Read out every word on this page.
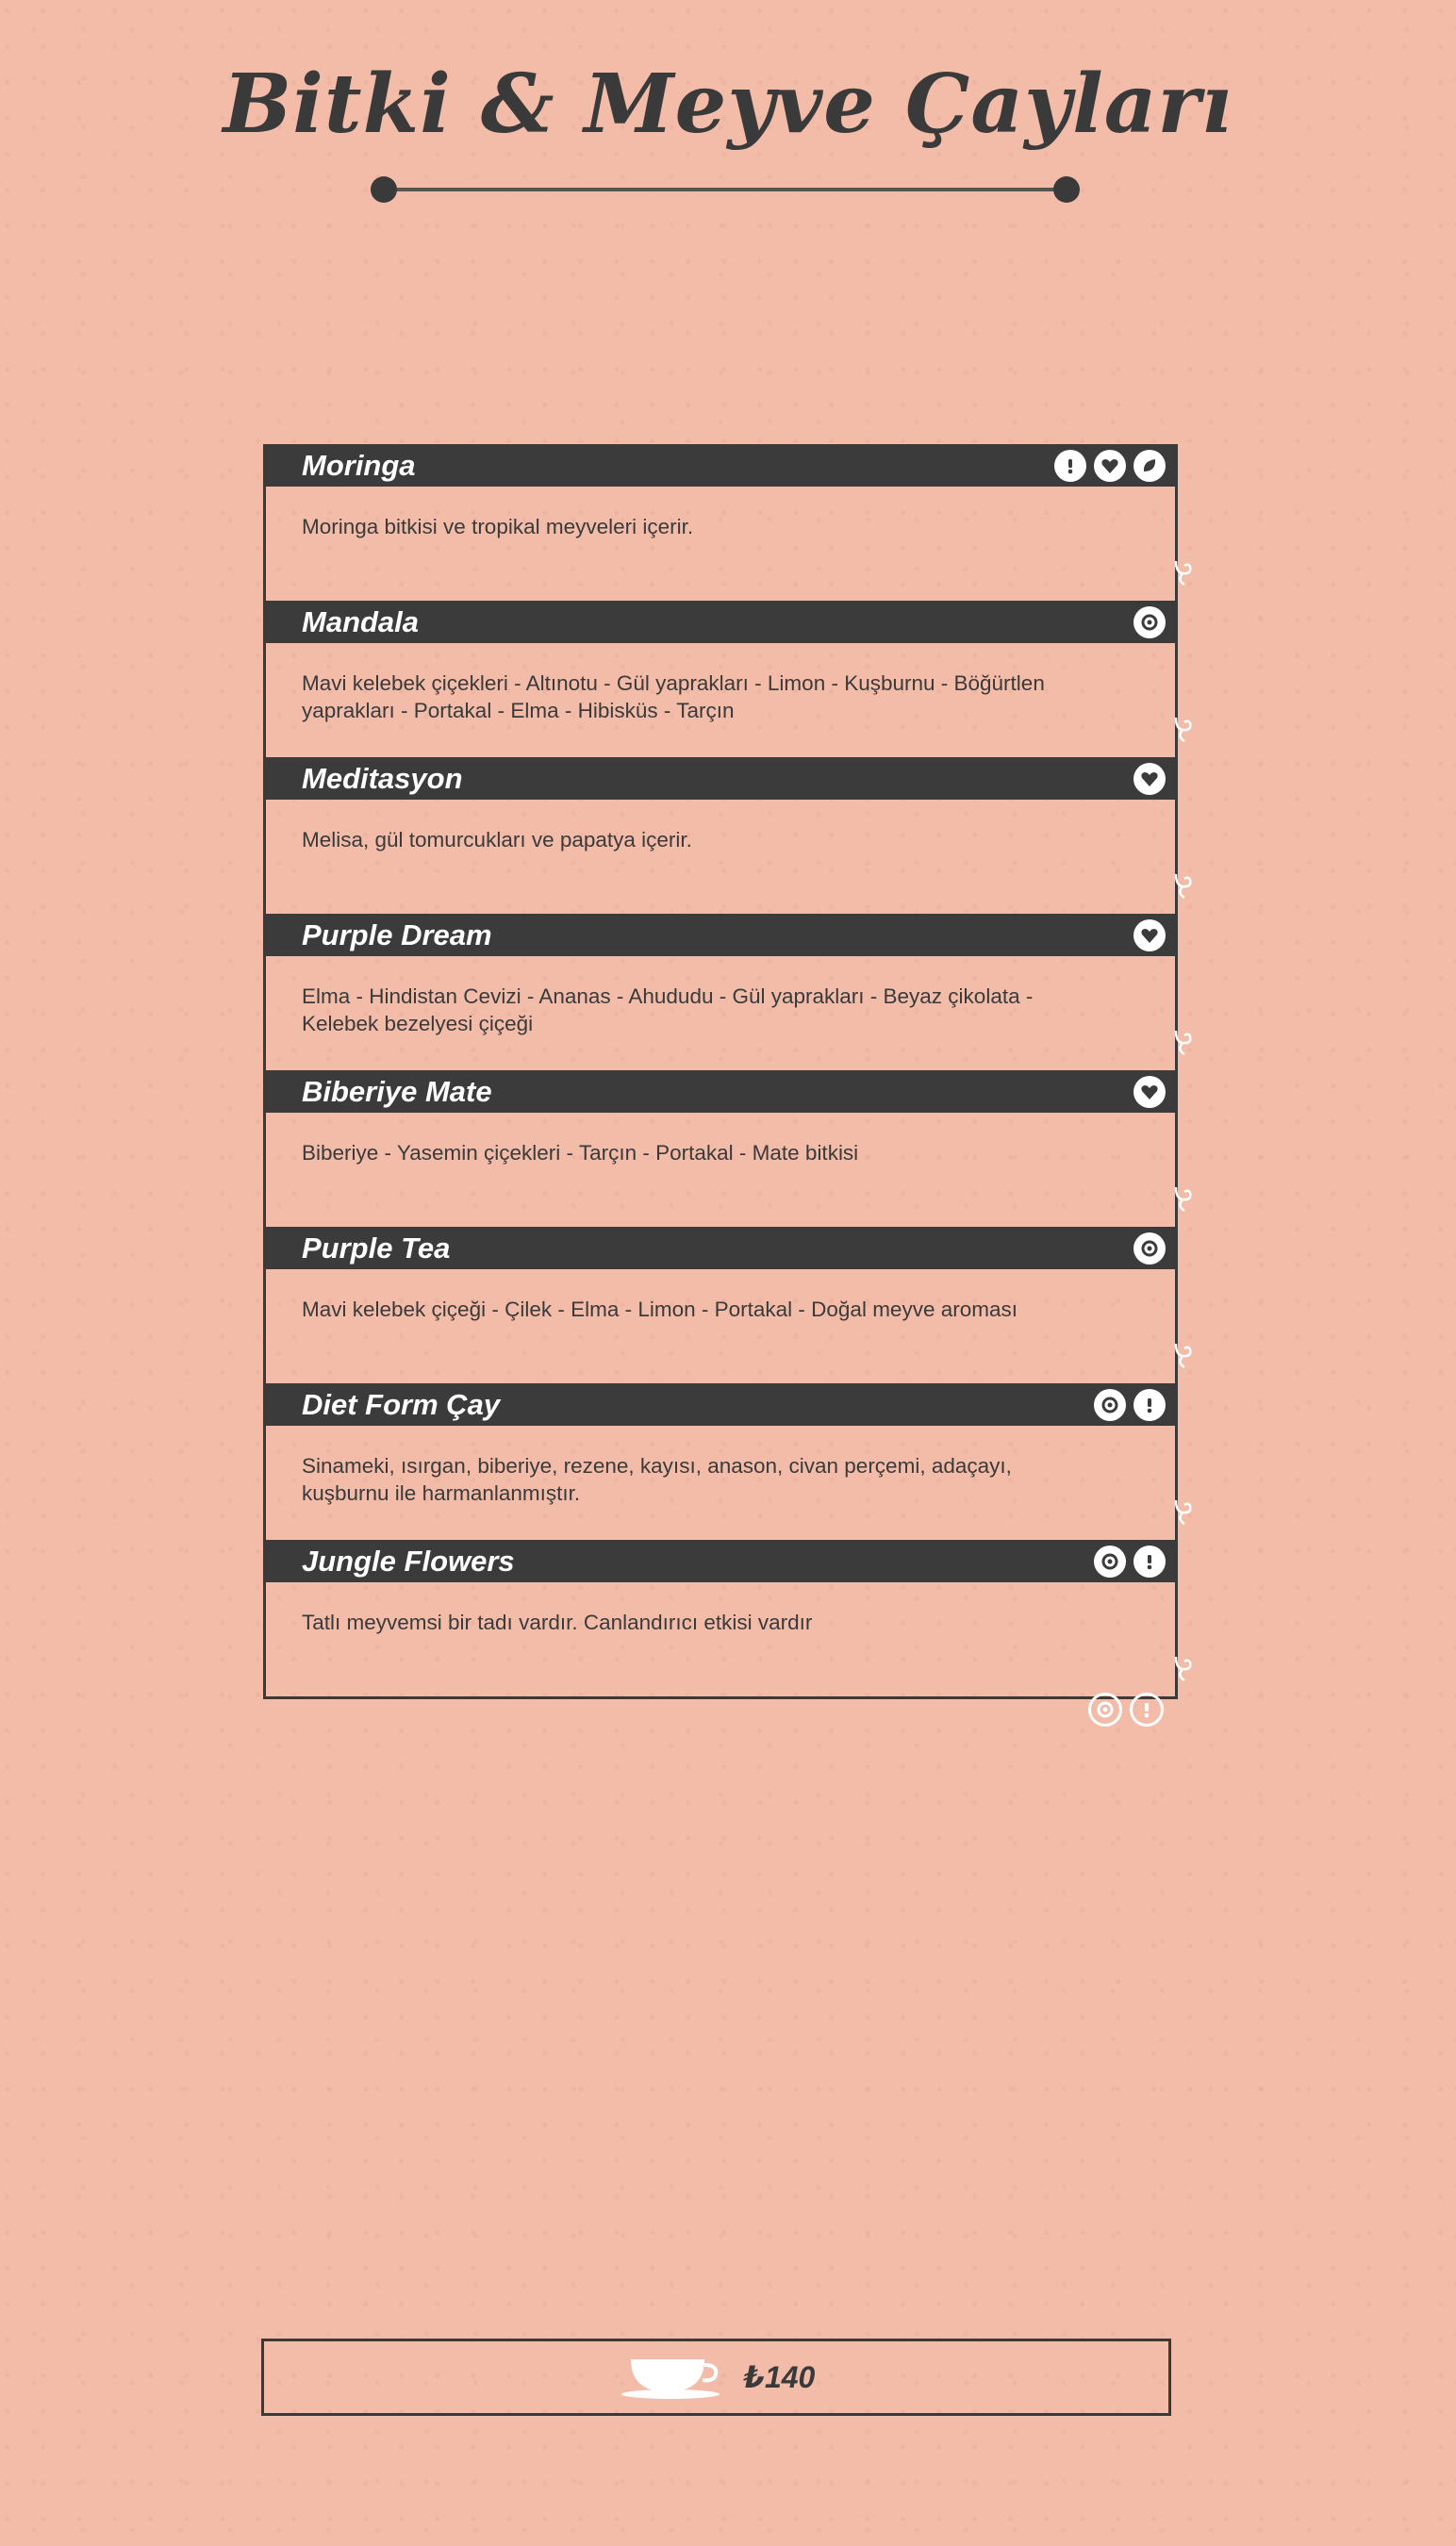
Bitki & Meyve Çayları
Moringa
Moringa bitkisi ve tropikal meyveleri içerir.
Mandala
Mavi kelebek çiçekleri - Altınotu - Gül yaprakları - Limon - Kuşburnu - Böğürtlen yaprakları - Portakal - Elma - Hibisküs - Tarçın
Meditasyon
Melisa, gül tomurcukları ve papatya içerir.
Purple Dream
Elma - Hindistan Cevizi - Ananas - Ahududu - Gül yaprakları - Beyaz çikolata - Kelebek bezelyesi çiçeği
Biberiye Mate
Biberiye - Yasemin çiçekleri - Tarçın - Portakal - Mate bitkisi
Purple Tea
Mavi kelebek çiçeği - Çilek - Elma - Limon - Portakal - Doğal meyve aroması
Diet Form Çay
Sinameki, ısırgan, biberiye, rezene, kayısı, anason, civan perçemi, adaçayı, kuşburnu ile harmanlanmıştır.
Jungle Flowers
Tatlı meyvemsi bir tadı vardır. Canlandırıcı etkisi vardır
₺140
